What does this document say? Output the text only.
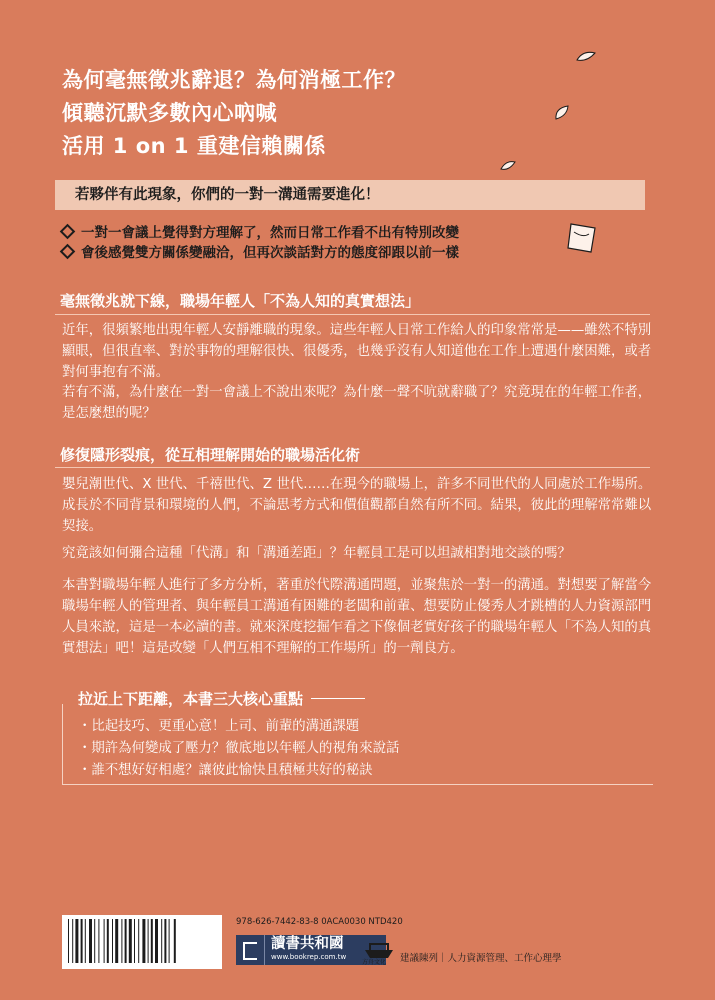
為何毫無徵兆辭退？為何消極工作？
傾聽沉默多數內心吶喊
活用 1 on 1 重建信賴關係
若夥伴有此現象，你們的一對一溝通需要進化！
一對一會議上覺得對方理解了，然而日常工作看不出有特別改變
會後感覺雙方關係變融洽，但再次談話對方的態度卻跟以前一樣
毫無徵兆就下線，職場年輕人「不為人知的真實想法」
近年，很頻繁地出現年輕人安靜離職的現象。這些年輕人日常工作給人的印象常常是——雖然不特別顯眼，但很直率、對於事物的理解很快、很優秀，也幾乎沒有人知道他在工作上遭遇什麼困難，或者對何事抱有不滿。
若有不滿，為什麼在一對一會議上不說出來呢？為什麼一聲不吭就辭職了？究竟現在的年輕工作者，是怎麼想的呢？
修復隱形裂痕，從互相理解開始的職場活化術
嬰兒潮世代、X 世代、千禧世代、Z 世代……在現今的職場上，許多不同世代的人同處於工作場所。成長於不同背景和環境的人們，不論思考方式和價值觀都自然有所不同。結果，彼此的理解常常難以契接。
究竟該如何彌合這種「代溝」和「溝通差距」？年輕員工是可以坦誠相對地交談的嗎？
本書對職場年輕人進行了多方分析，著重於代際溝通問題，並聚焦於一對一的溝通。對想要了解當今職場年輕人的管理者、與年輕員工溝通有困難的老闆和前輩、想要防止優秀人才跳槽的人力資源部門人員來說，這是一本必讀的書。就來深度挖掘乍看之下像個老實好孩子的職場年輕人「不為人知的真實想法」吧！這是改變「人們互相不理解的工作場所」的一劑良方。
拉近上下距離，本書三大核心重點
・比起技巧、更重心意！上司、前輩的溝通課題
・期許為何變成了壓力？徹底地以年輕人的視角來說話
・誰不想好好相處？讓彼此愉快且積極共好的秘訣
978-626-7442-83-8 0ACA0030 NTD420
讀書共和國
www.bookrep.com.tw
方舟文化 建議陳列｜人力資源管理、工作心理學
